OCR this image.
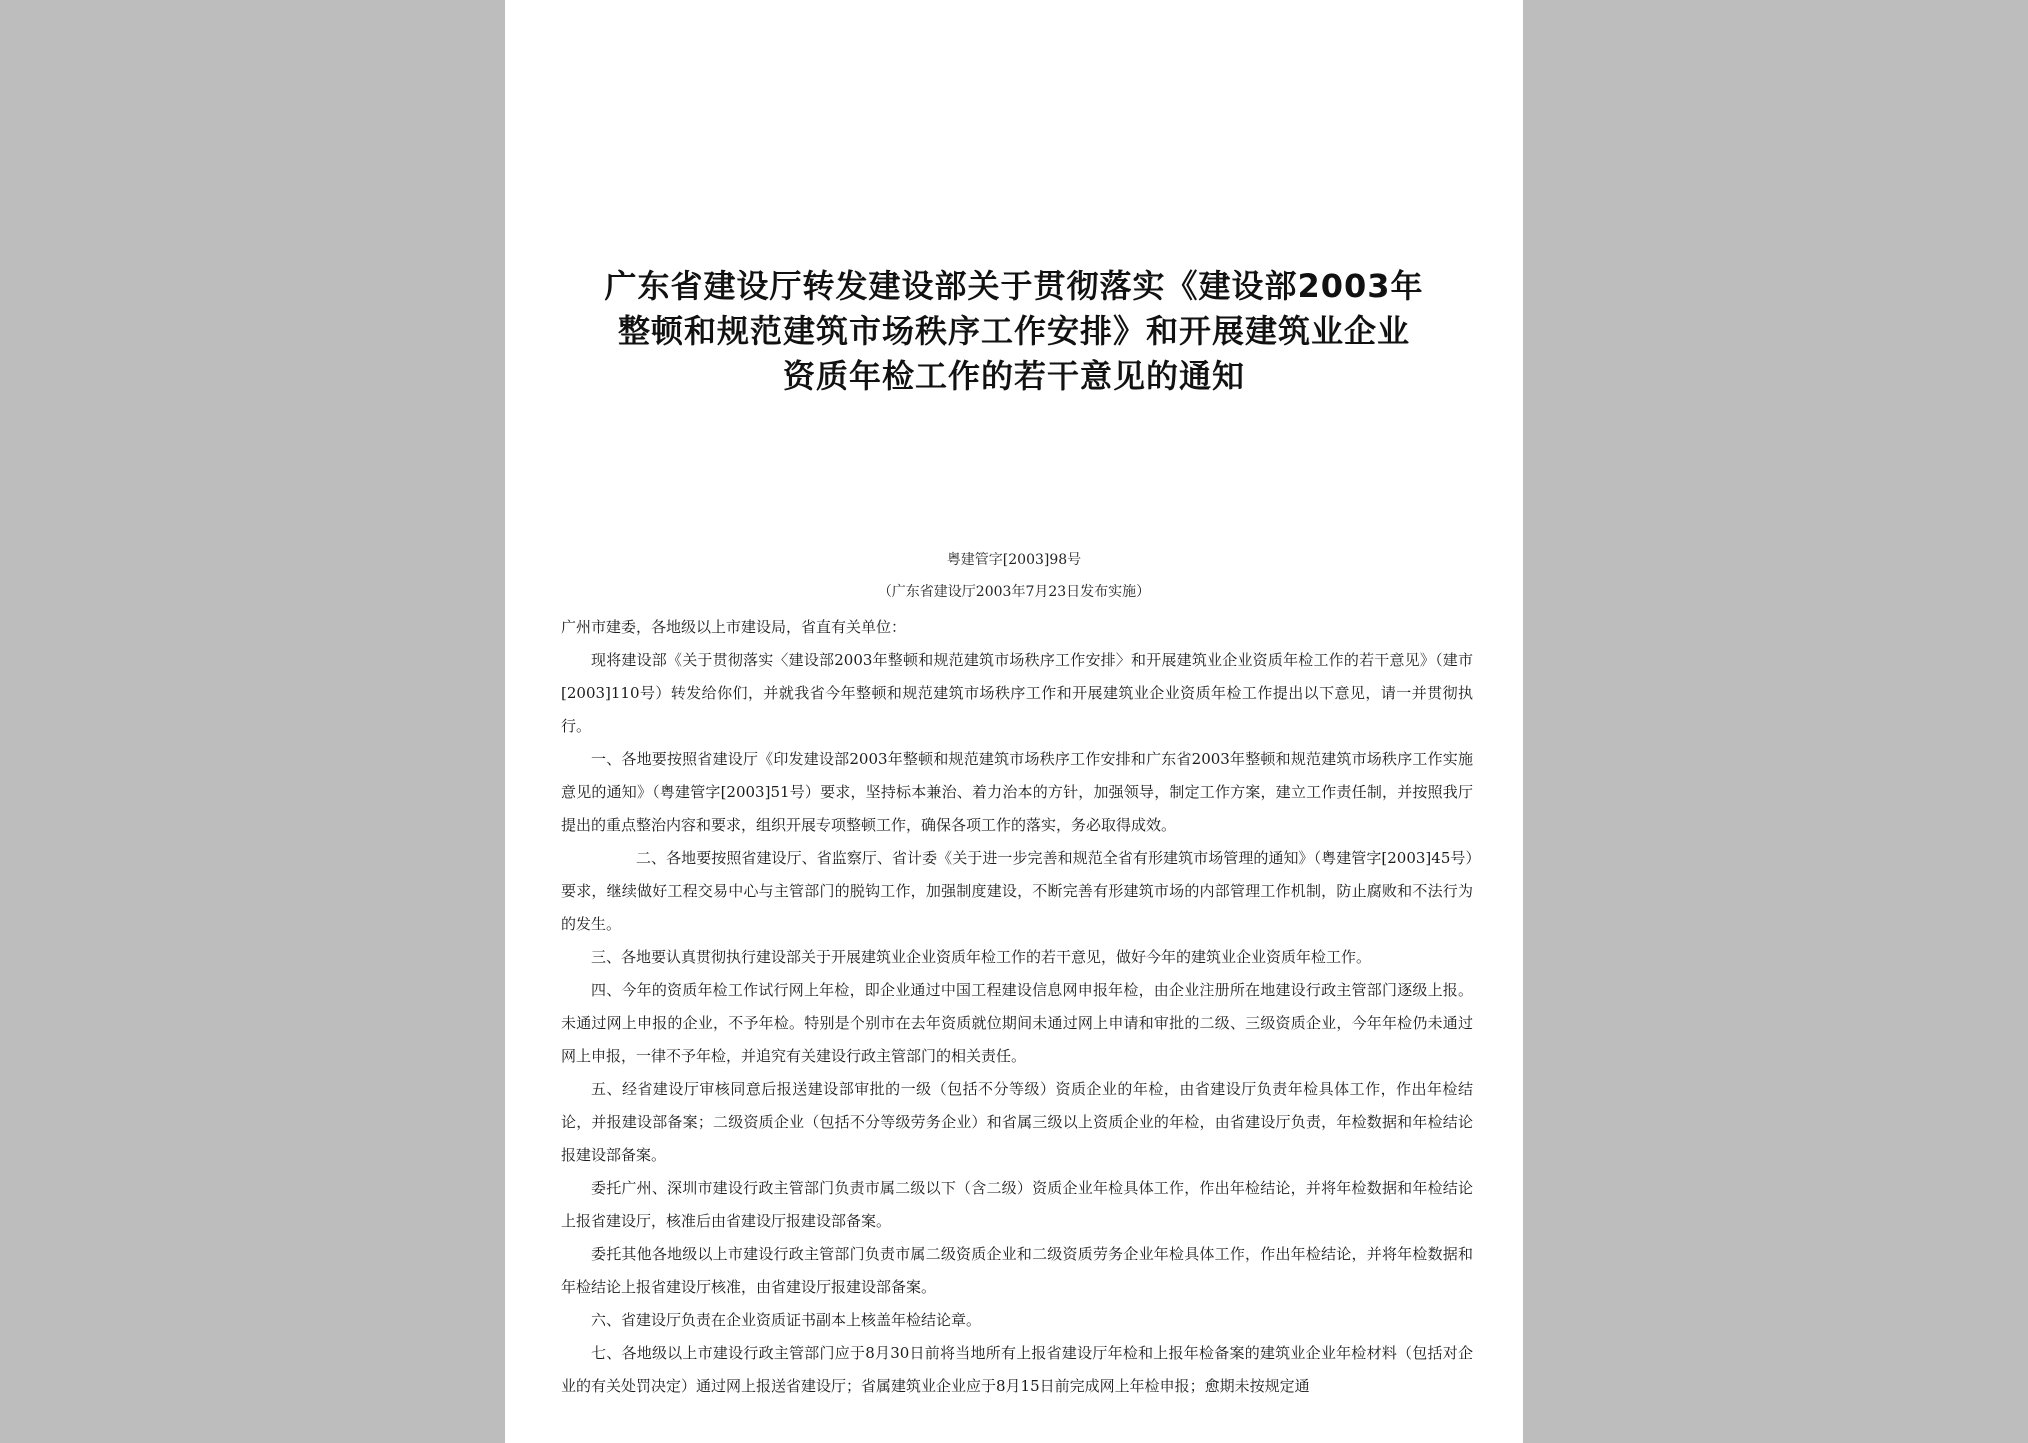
广东省建设厅转发建设部关于贯彻落实《建设部2003年
整顿和规范建筑市场秩序工作安排》和开展建筑业企业
资质年检工作的若干意见的通知
粤建管字[2003]98号
（广东省建设厅2003年7月23日发布实施）

广州市建委，各地级以上市建设局，省直有关单位：

现将建设部《关于贯彻落实〈建设部2003年整顿和规范建筑市场秩序工作安排〉和开展建筑业企业资质年检工作的若干意见》（建市[2003]110号）转发给你们，并就我省今年整顿和规范建筑市场秩序工作和开展建筑业企业资质年检工作提出以下意见，请一并贯彻执行。

一、各地要按照省建设厅《印发建设部2003年整顿和规范建筑市场秩序工作安排和广东省2003年整顿和规范建筑市场秩序工作实施意见的通知》（粤建管字[2003]51号）要求，坚持标本兼治、着力治本的方针，加强领导，制定工作方案，建立工作责任制，并按照我厅提出的重点整治内容和要求，组织开展专项整顿工作，确保各项工作的落实，务必取得成效。

二、各地要按照省建设厅、省监察厅、省计委《关于进一步完善和规范全省有形建筑市场管理的通知》（粤建管字[2003]45号）要求，继续做好工程交易中心与主管部门的脱钩工作，加强制度建设，不断完善有形建筑市场的内部管理工作机制，防止腐败和不法行为的发生。

三、各地要认真贯彻执行建设部关于开展建筑业企业资质年检工作的若干意见，做好今年的建筑业企业资质年检工作。

四、今年的资质年检工作试行网上年检，即企业通过中国工程建设信息网申报年检，由企业注册所在地建设行政主管部门逐级上报。未通过网上申报的企业，不予年检。特别是个别市在去年资质就位期间未通过网上申请和审批的二级、三级资质企业，今年年检仍未通过网上申报，一律不予年检，并追究有关建设行政主管部门的相关责任。

五、经省建设厅审核同意后报送建设部审批的一级（包括不分等级）资质企业的年检，由省建设厅负责年检具体工作，作出年检结论，并报建设部备案；二级资质企业（包括不分等级劳务企业）和省属三级以上资质企业的年检，由省建设厅负责，年检数据和年检结论报建设部备案。

委托广州、深圳市建设行政主管部门负责市属二级以下（含二级）资质企业年检具体工作，作出年检结论，并将年检数据和年检结论上报省建设厅，核准后由省建设厅报建设部备案。

委托其他各地级以上市建设行政主管部门负责市属二级资质企业和二级资质劳务企业年检具体工作，作出年检结论，并将年检数据和年检结论上报省建设厅核准，由省建设厅报建设部备案。

六、省建设厅负责在企业资质证书副本上核盖年检结论章。

七、各地级以上市建设行政主管部门应于8月30日前将当地所有上报省建设厅年检和上报年检备案的建筑业企业年检材料（包括对企业的有关处罚决定）通过网上报送省建设厅；省属建筑业企业应于8月15日前完成网上年检申报；愈期未按规定通
